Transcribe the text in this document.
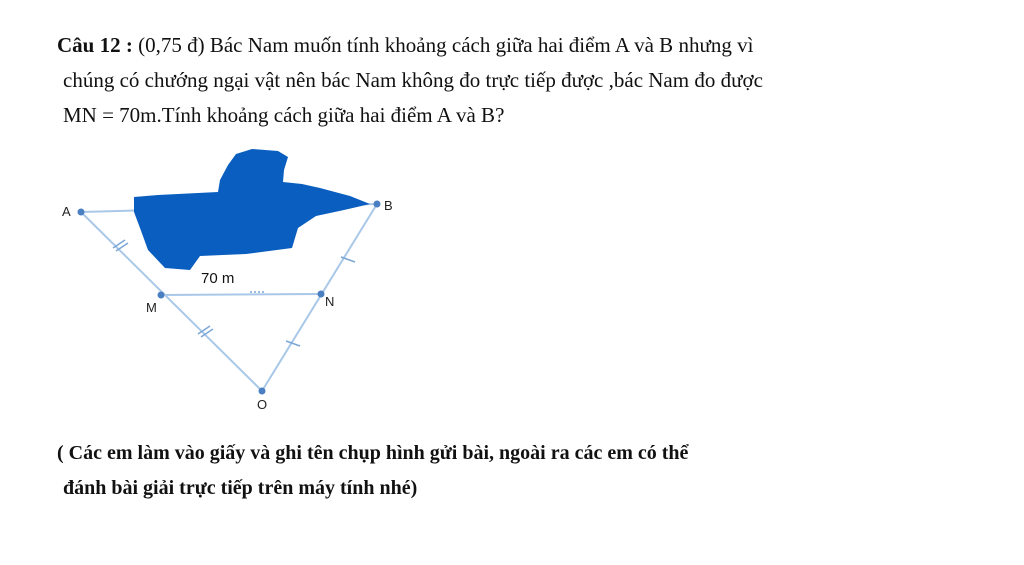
Câu 12 : (0,75 đ) Bác Nam muốn tính khoảng cách giữa hai điểm A và B nhưng vì
chúng có chướng ngại vật nên bác Nam không đo trực tiếp được ,bác Nam đo được
MN = 70m.Tính khoảng cách giữa hai điểm A và B?
A	B
M	N
O
70 m
( Các em làm vào giấy và ghi tên chụp hình gửi bài, ngoài ra các em có thể
đánh bài giải trực tiếp trên máy tính nhé)
